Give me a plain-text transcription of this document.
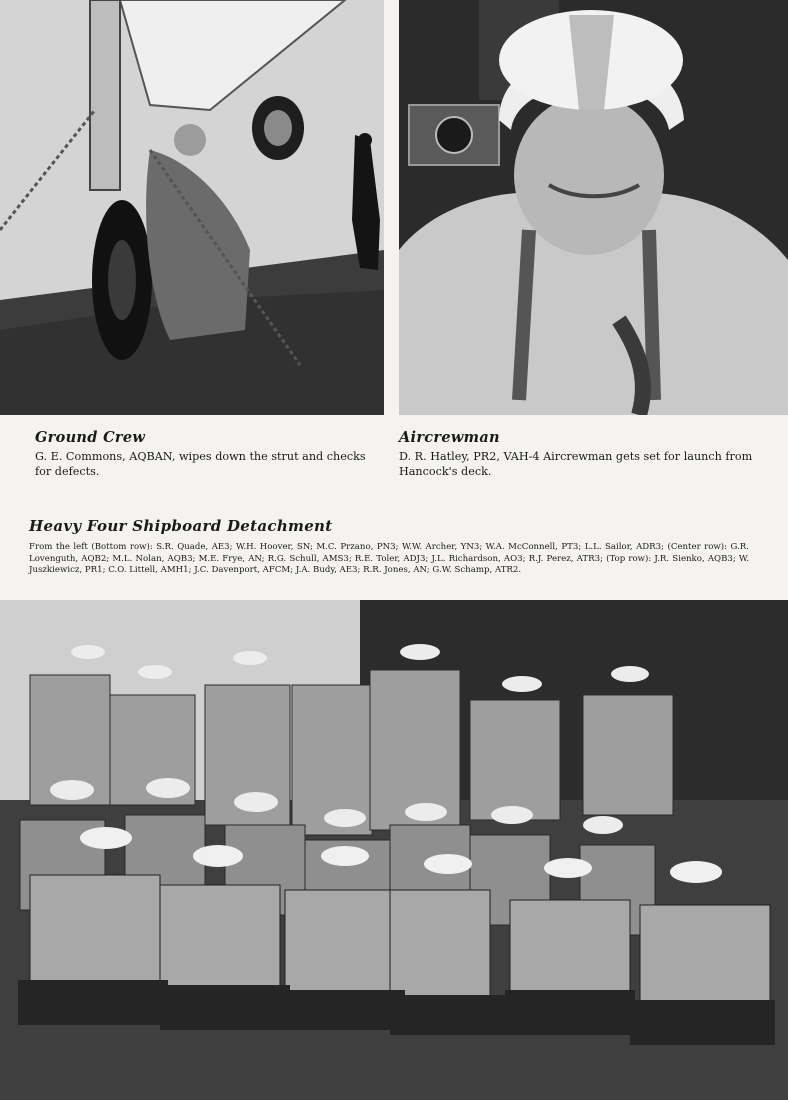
Ground Crew
G. E. Commons, AQBAN, wipes down the strut and checks for defects.
Aircrewman
D. R. Hatley, PR2, VAH-4 Aircrewman gets set for launch from Hancock's deck.
Heavy Four Shipboard Detachment
From the left (Bottom row): S.R. Quade, AE3; W.H. Hoover, SN; M.C. Przano, PN3; W.W. Archer, YN3; W.A. McConnell, PT3; L.L. Sailor, ADR3; (Center row): G.R. Lovenguth, AQB2; M.L. Nolan, AQB3; M.E. Frye, AN; R.G. Schull, AMS3; R.E. Toler, ADJ3; J.L. Richardson, AO3; R.J. Perez, ATR3; (Top row): J.R. Sienko, AQB3; W. Juszkiewicz, PR1; C.O. Littell, AMH1; J.C. Davenport, AFCM; J.A. Budy, AE3; R.R. Jones, AN; G.W. Schamp, ATR2.
